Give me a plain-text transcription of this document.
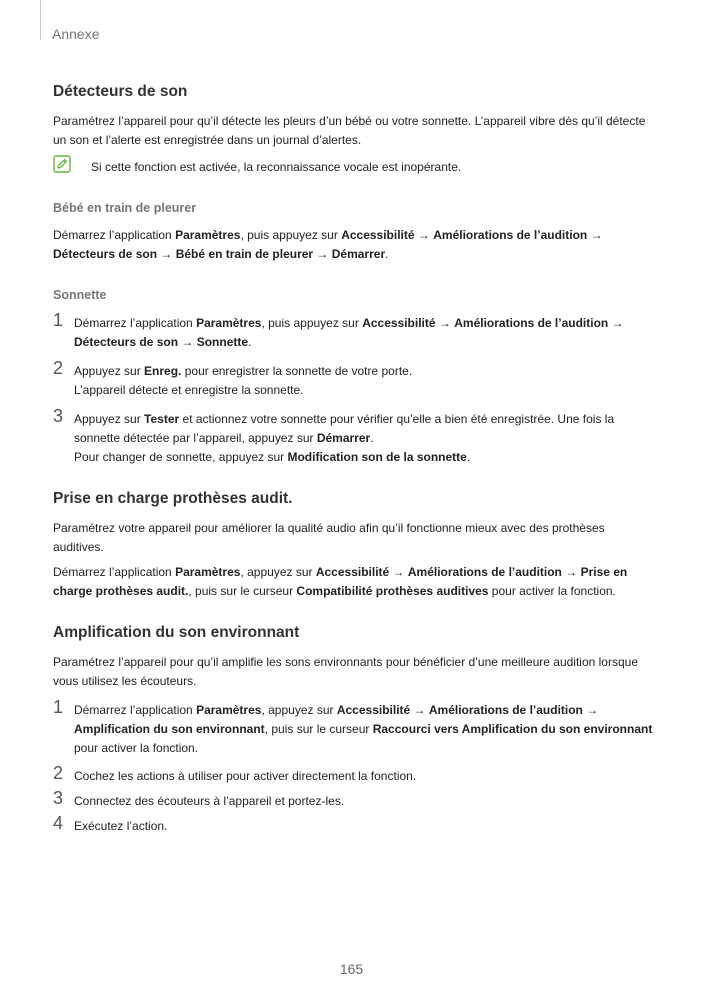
Annexe
Détecteurs de son

Paramétrez l’appareil pour qu’il détecte les pleurs d’un bébé ou votre sonnette. L’appareil vibre dès qu’il détecte un son et l’alerte est enregistrée dans un journal d’alertes.

Si cette fonction est activée, la reconnaissance vocale est inopérante.

Bébé en train de pleurer

Démarrez l’application Paramètres, puis appuyez sur Accessibilité → Améliorations de l’audition → Détecteurs de son → Bébé en train de pleurer → Démarrer.

Sonnette
1 Démarrez l’application Paramètres, puis appuyez sur Accessibilité → Améliorations de l’audition → Détecteurs de son → Sonnette.
2 Appuyez sur Enreg. pour enregistrer la sonnette de votre porte.
L’appareil détecte et enregistre la sonnette.
3 Appuyez sur Tester et actionnez votre sonnette pour vérifier qu’elle a bien été enregistrée. Une fois la sonnette détectée par l’appareil, appuyez sur Démarrer.
Pour changer de sonnette, appuyez sur Modification son de la sonnette.
Prise en charge prothèses audit.

Paramétrez votre appareil pour améliorer la qualité audio afin qu’il fonctionne mieux avec des prothèses auditives.

Démarrez l’application Paramètres, appuyez sur Accessibilité → Améliorations de l’audition → Prise en charge prothèses audit., puis sur le curseur Compatibilité prothèses auditives pour activer la fonction.

Amplification du son environnant

Paramétrez l’appareil pour qu’il amplifie les sons environnants pour bénéficier d’une meilleure audition lorsque vous utilisez les écouteurs.

1 Démarrez l’application Paramètres, appuyez sur Accessibilité → Améliorations de l’audition → Amplification du son environnant, puis sur le curseur Raccourci vers Amplification du son environnant pour activer la fonction.
2 Cochez les actions à utiliser pour activer directement la fonction.
3 Connectez des écouteurs à l’appareil et portez-les.
4 Exécutez l’action.
165
